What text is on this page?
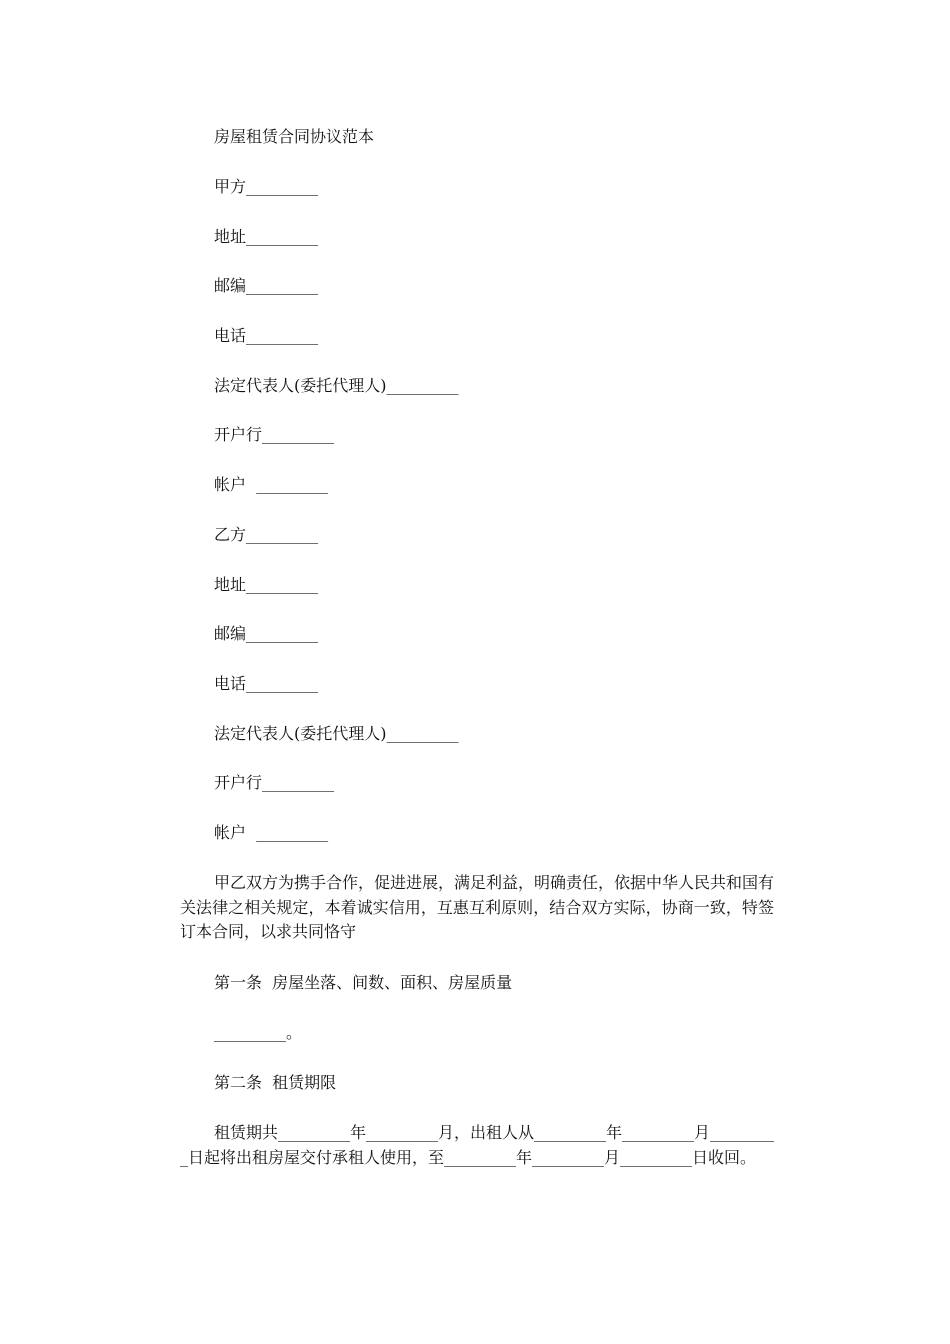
房屋租赁合同协议范本
甲方_________
地址_________
邮编_________
电话_________
法定代表人(委托代理人)_________
开户行_________
帐户  _________
乙方_________
地址_________
邮编_________
电话_________
法定代表人(委托代理人)_________
开户行_________
帐户  _________
甲乙双方为携手合作，促进进展，满足利益，明确责任，依据中华人民共和国有关法律之相关规定，本着诚实信用，互惠互利原则，结合双方实际，协商一致，特签订本合同，以求共同恪守
第一条  房屋坐落、间数、面积、房屋质量
_________。
第二条  租赁期限
租赁期共_________年_________月，出租人从_________年_________月_________日起将出租房屋交付承租人使用，至_________年_________月_________日收回。
